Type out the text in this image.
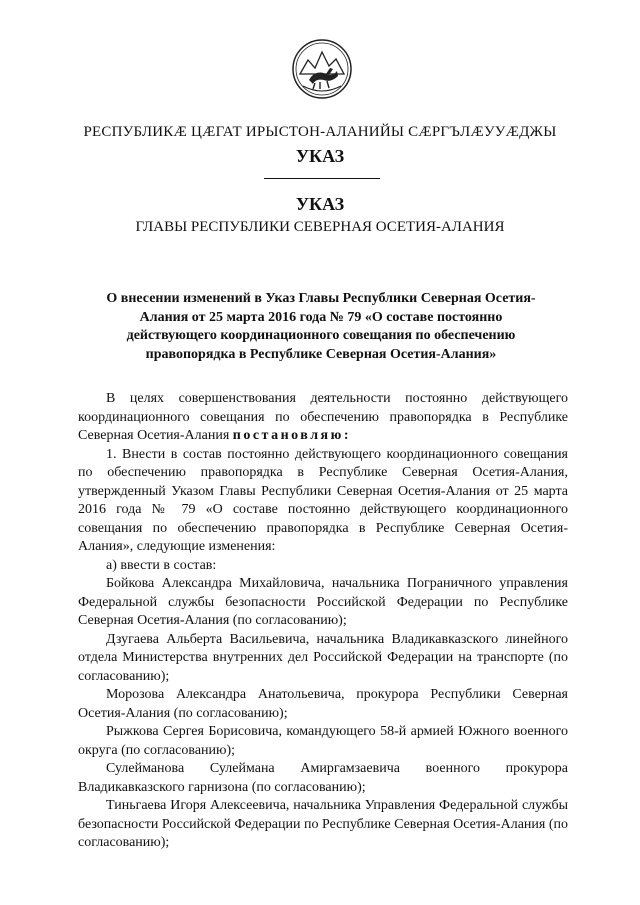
РЕСПУБЛИКÆ ЦÆГАТ ИРЫСТОН-АЛАНИЙЫ СÆРГЪЛÆУУÆДЖЫ
УКАЗ
УКАЗ
ГЛАВЫ РЕСПУБЛИКИ СЕВЕРНАЯ ОСЕТИЯ-АЛАНИЯ
О внесении изменений в Указ Главы Республики Северная Осетия-
Алания от 25 марта 2016 года № 79 «О составе постоянно
действующего координационного совещания по обеспечению
правопорядка в Республике Северная Осетия-Алания»

В целях совершенствования деятельности постоянно действующего координационного совещания по обеспечению правопорядка в Республике Северная Осетия-Алания постановляю:

1. Внести в состав постоянно действующего координационного совещания по обеспечению правопорядка в Республике Северная Осетия-Алания, утвержденный Указом Главы Республики Северная Осетия-Алания от 25 марта 2016 года № 79 «О составе постоянно действующего координационного совещания по обеспечению правопорядка в Республике Северная Осетия-Алания», следующие изменения:

а) ввести в состав:

Бойкова Александра Михайловича, начальника Пограничного управления Федеральной службы безопасности Российской Федерации по Республике Северная Осетия-Алания (по согласованию);

Дзугаева Альберта Васильевича, начальника Владикавказского линейного отдела Министерства внутренних дел Российской Федерации на транспорте (по согласованию);

Морозова Александра Анатольевича, прокурора Республики Северная Осетия-Алания (по согласованию);

Рыжкова Сергея Борисовича, командующего 58-й армией Южного военного округа (по согласованию);

Сулейманова Сулеймана Амиргамзаевича военного прокурора Владикавказского гарнизона (по согласованию);

Тиньгаева Игоря Алексеевича, начальника Управления Федеральной службы безопасности Российской Федерации по Республике Северная Осетия-Алания (по согласованию);
